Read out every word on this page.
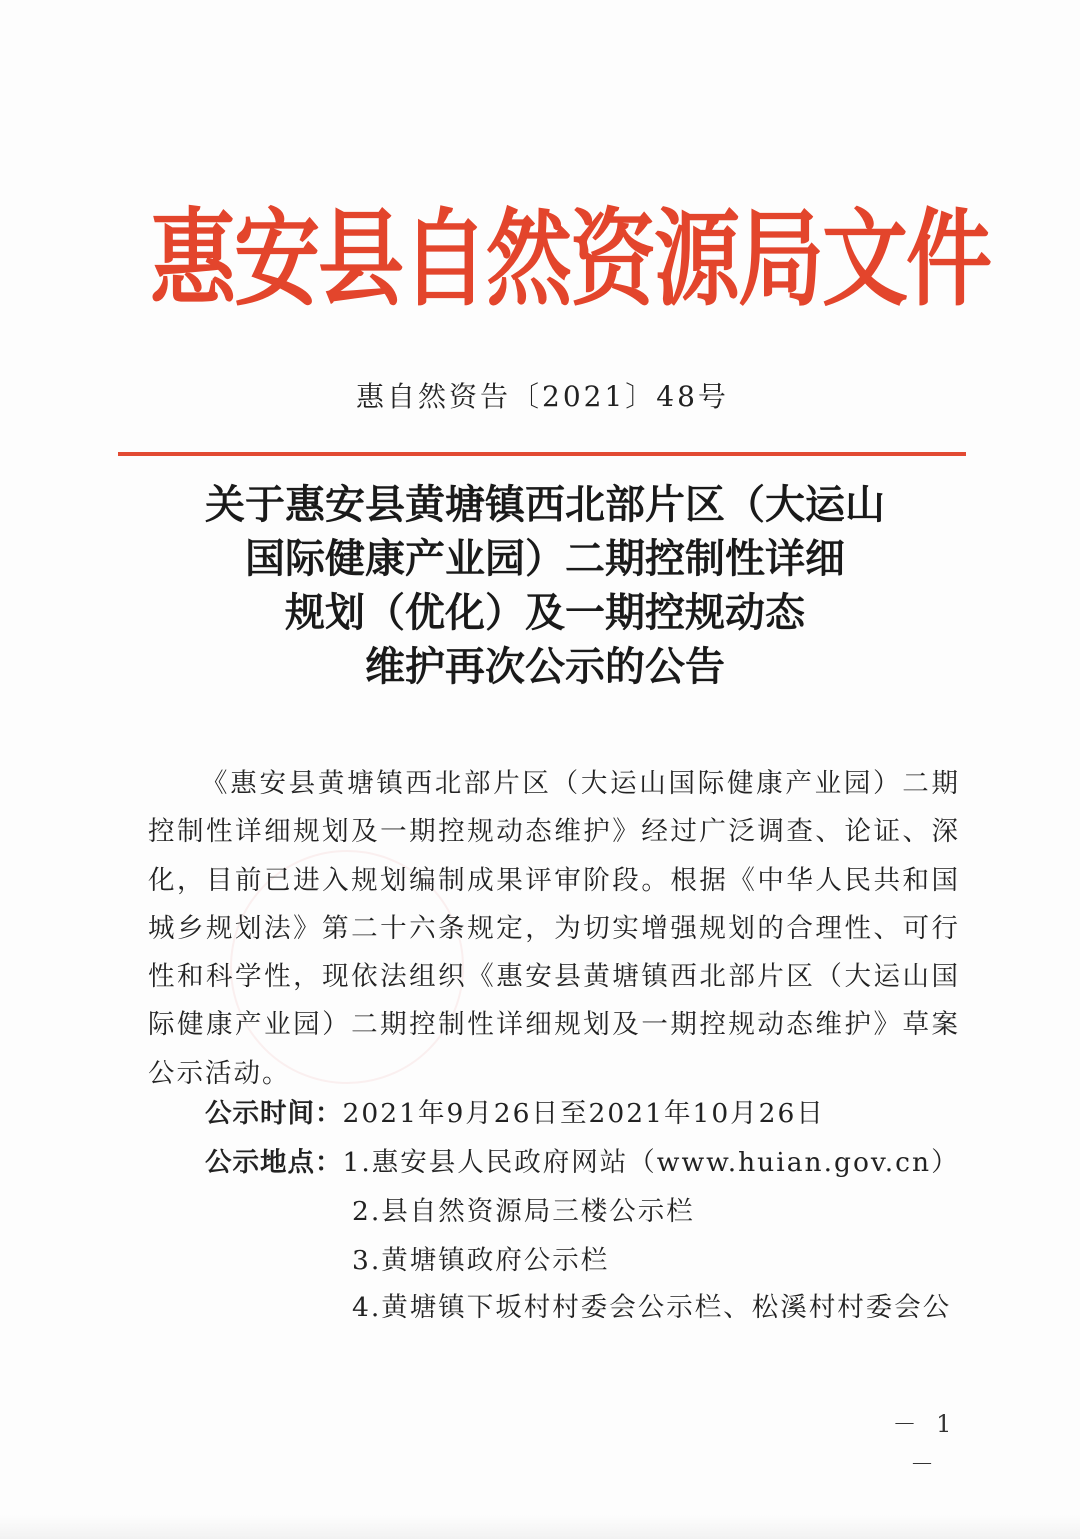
惠安县自然资源局文件
惠自然资告〔2021〕48号
关于惠安县黄塘镇西北部片区（大运山
国际健康产业园）二期控制性详细
规划（优化）及一期控规动态
维护再次公示的公告
《惠安县黄塘镇西北部片区（大运山国际健康产业园）二期
控制性详细规划及一期控规动态维护》经过广泛调查、论证、深
化，目前已进入规划编制成果评审阶段。根据《中华人民共和国
城乡规划法》第二十六条规定，为切实增强规划的合理性、可行
性和科学性，现依法组织《惠安县黄塘镇西北部片区（大运山国
际健康产业园）二期控制性详细规划及一期控规动态维护》草案
公示活动。
公示时间：2021年9月26日至2021年10月26日
公示地点：1.惠安县人民政府网站（www.huian.gov.cn）
2.县自然资源局三楼公示栏
3.黄塘镇政府公示栏
4.黄塘镇下坂村村委会公示栏、松溪村村委会公
－ 1 －
